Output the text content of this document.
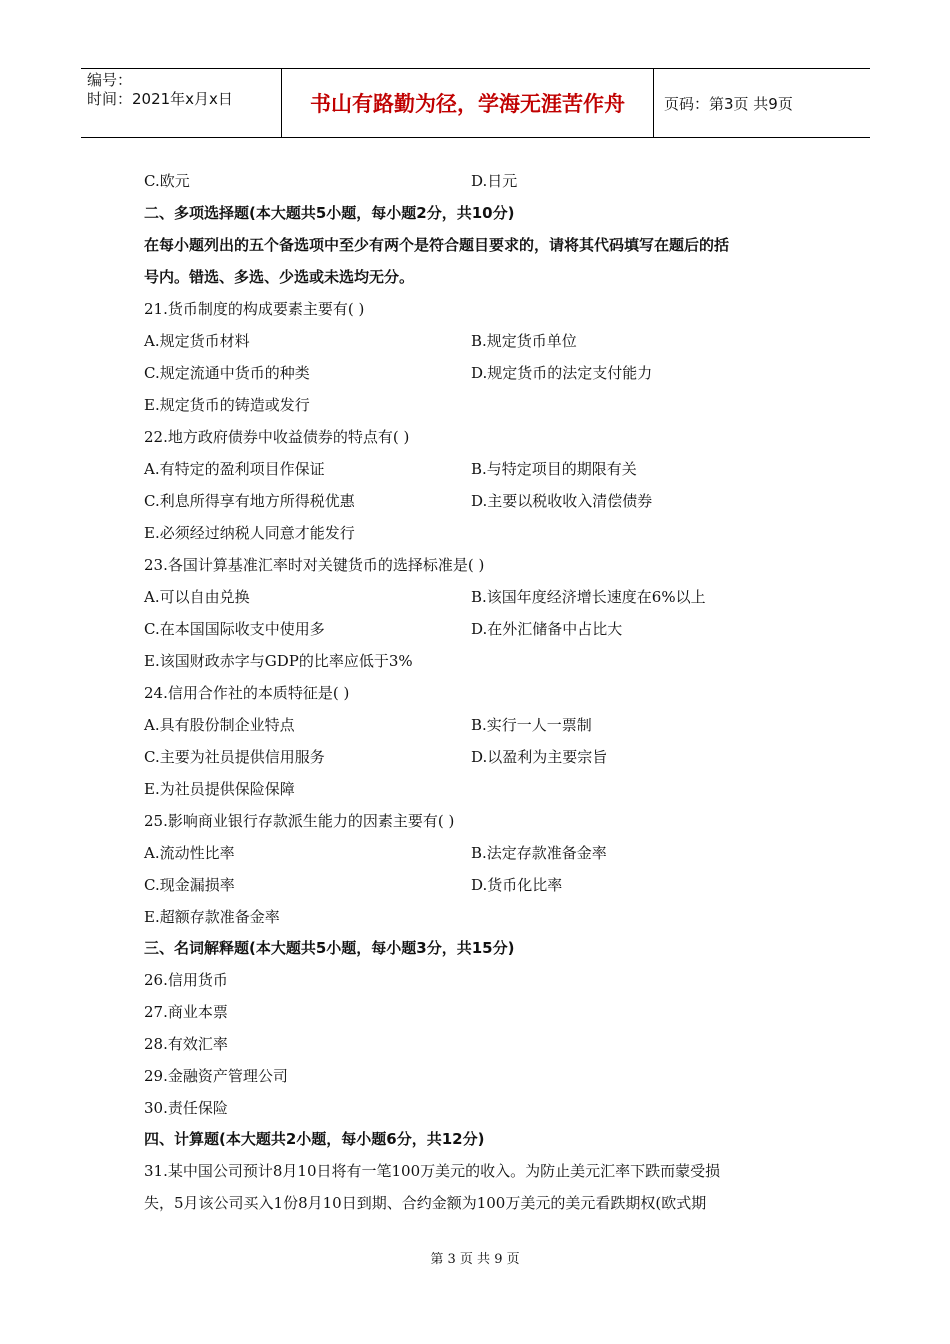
编号：
时间：2021年x月x日	书山有路勤为径，学海无涯苦作舟	页码：第3页 共9页
C.欧元	D.日元
二、多项选择题(本大题共5小题，每小题2分，共10分)
在每小题列出的五个备选项中至少有两个是符合题目要求的，请将其代码填写在题后的括
号内。错选、多选、少选或未选均无分。
21.货币制度的构成要素主要有( )
A.规定货币材料	B.规定货币单位
C.规定流通中货币的种类	D.规定货币的法定支付能力
E.规定货币的铸造或发行
22.地方政府债券中收益债券的特点有( )
A.有特定的盈利项目作保证	B.与特定项目的期限有关
C.利息所得享有地方所得税优惠	D.主要以税收收入清偿债券
E.必须经过纳税人同意才能发行
23.各国计算基准汇率时对关键货币的选择标准是( )
A.可以自由兑换	B.该国年度经济增长速度在6%以上
C.在本国国际收支中使用多	D.在外汇储备中占比大
E.该国财政赤字与GDP的比率应低于3%
24.信用合作社的本质特征是( )
A.具有股份制企业特点	B.实行一人一票制
C.主要为社员提供信用服务	D.以盈利为主要宗旨
E.为社员提供保险保障
25.影响商业银行存款派生能力的因素主要有( )
A.流动性比率	B.法定存款准备金率
C.现金漏损率	D.货币化比率
E.超额存款准备金率
三、名词解释题(本大题共5小题，每小题3分，共15分)
26.信用货币
27.商业本票
28.有效汇率
29.金融资产管理公司
30.责任保险
四、计算题(本大题共2小题，每小题6分，共12分)
31.某中国公司预计8月10日将有一笔100万美元的收入。为防止美元汇率下跌而蒙受损
失，5月该公司买入1份8月10日到期、合约金额为100万美元的美元看跌期权(欧式期
第 3 页 共 9 页
